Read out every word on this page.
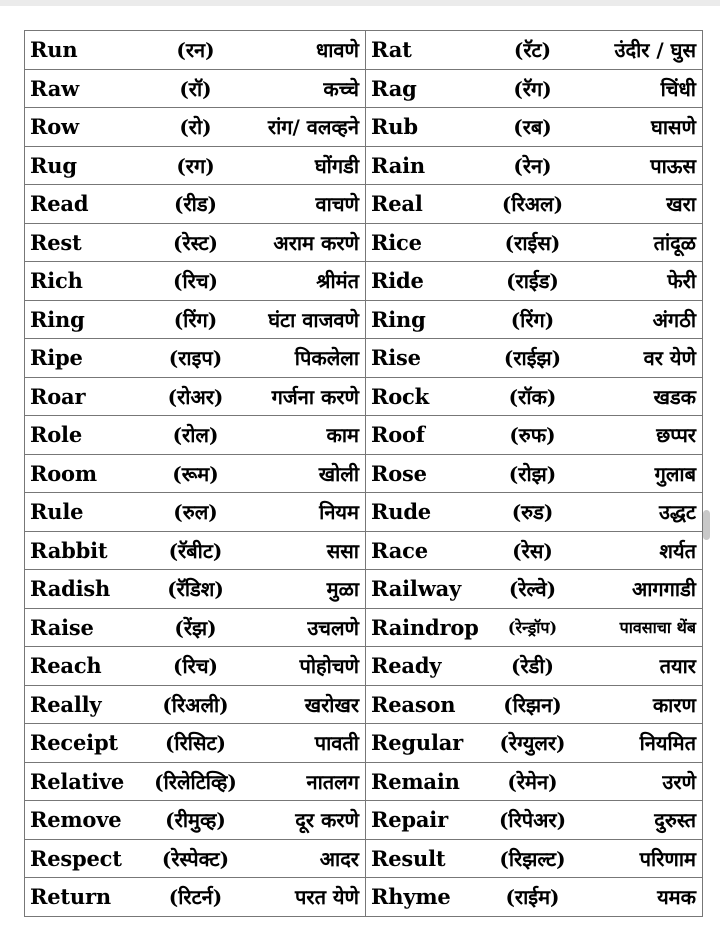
Run (रन) धावणे	Rat (रॅट) उंदीर / घुस

Raw (रॉ) कच्चे	Rag (रॅग) चिंधी

Row (रो) रांग/ वलव्हने	Rub (रब) घासणे

Rug (रग) घोंगडी	Rain (रेन) पाऊस

Read (रीड) वाचणे	Real (रिअल) खरा

Rest (रेस्ट) अराम करणे	Rice (राईस) तांदूळ

Rich (रिच) श्रीमंत	Ride (राईड) फेरी

Ring (रिंग) घंटा वाजवणे	Ring (रिंग) अंगठी

Ripe (राइप) पिकलेला	Rise (राईझ) वर येणे

Roar (रोअर) गर्जना करणे	Rock (रॉक) खडक

Role (रोल) काम	Roof (रुफ) छप्पर

Room (रूम) खोली	Rose (रोझ) गुलाब

Rule (रुल) नियम	Rude (रुड) उद्धट

Rabbit (रॅबीट) ससा	Race (रेस) शर्यत

Radish (रॅडिश) मुळा	Railway (रेल्वे) आगगाडी

Raise (रेंझ) उचलणे	Raindrop (रेन्ड्रॉप) पावसाचा थेंब

Reach (रिच) पोहोचणे	Ready (रेडी) तयार

Really (रिअली) खरोखर	Reason (रिझन) कारण

Receipt (रिसिट) पावती	Regular (रेग्युलर) नियमित

Relative (रिलेटिव्हि) नातलग	Remain (रेमेन) उरणे

Remove (रीमुव्ह) दूर करणे	Repair (रिपेअर) दुरुस्त

Respect (रेस्पेक्ट) आदर	Result (रिझल्ट) परिणाम

Return (रिटर्न) परत येणे	Rhyme (राईम) यमक
